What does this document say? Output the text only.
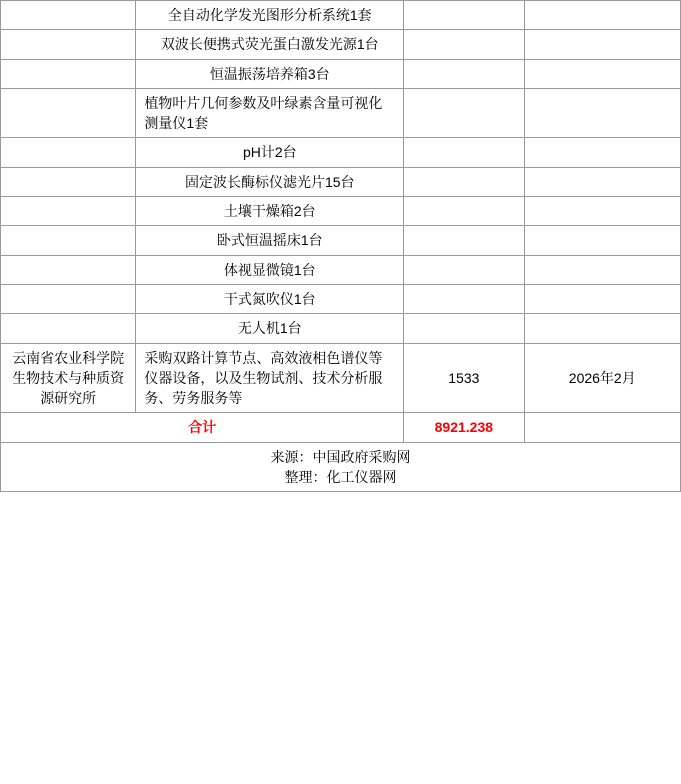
	全自动化学发光图形分析系统1套		
	双波长便携式荧光蛋白激发光源1台		
	恒温振荡培养箱3台		
	植物叶片几何参数及叶绿素含量可视化测量仪1套		
	pH计2台		
	固定波长酶标仪滤光片15台		
	土壤干燥箱2台		
	卧式恒温摇床1台		
	体视显微镜1台		
	干式氮吹仪1台		
	无人机1台		
云南省农业科学院生物技术与种质资源研究所	采购双路计算节点、高效液相色谱仪等仪器设备，以及生物试剂、技术分析服务、劳务服务等	1533	2026年2月
合计		8921.238	

来源：中国政府采购网
整理：化工仪器网			
